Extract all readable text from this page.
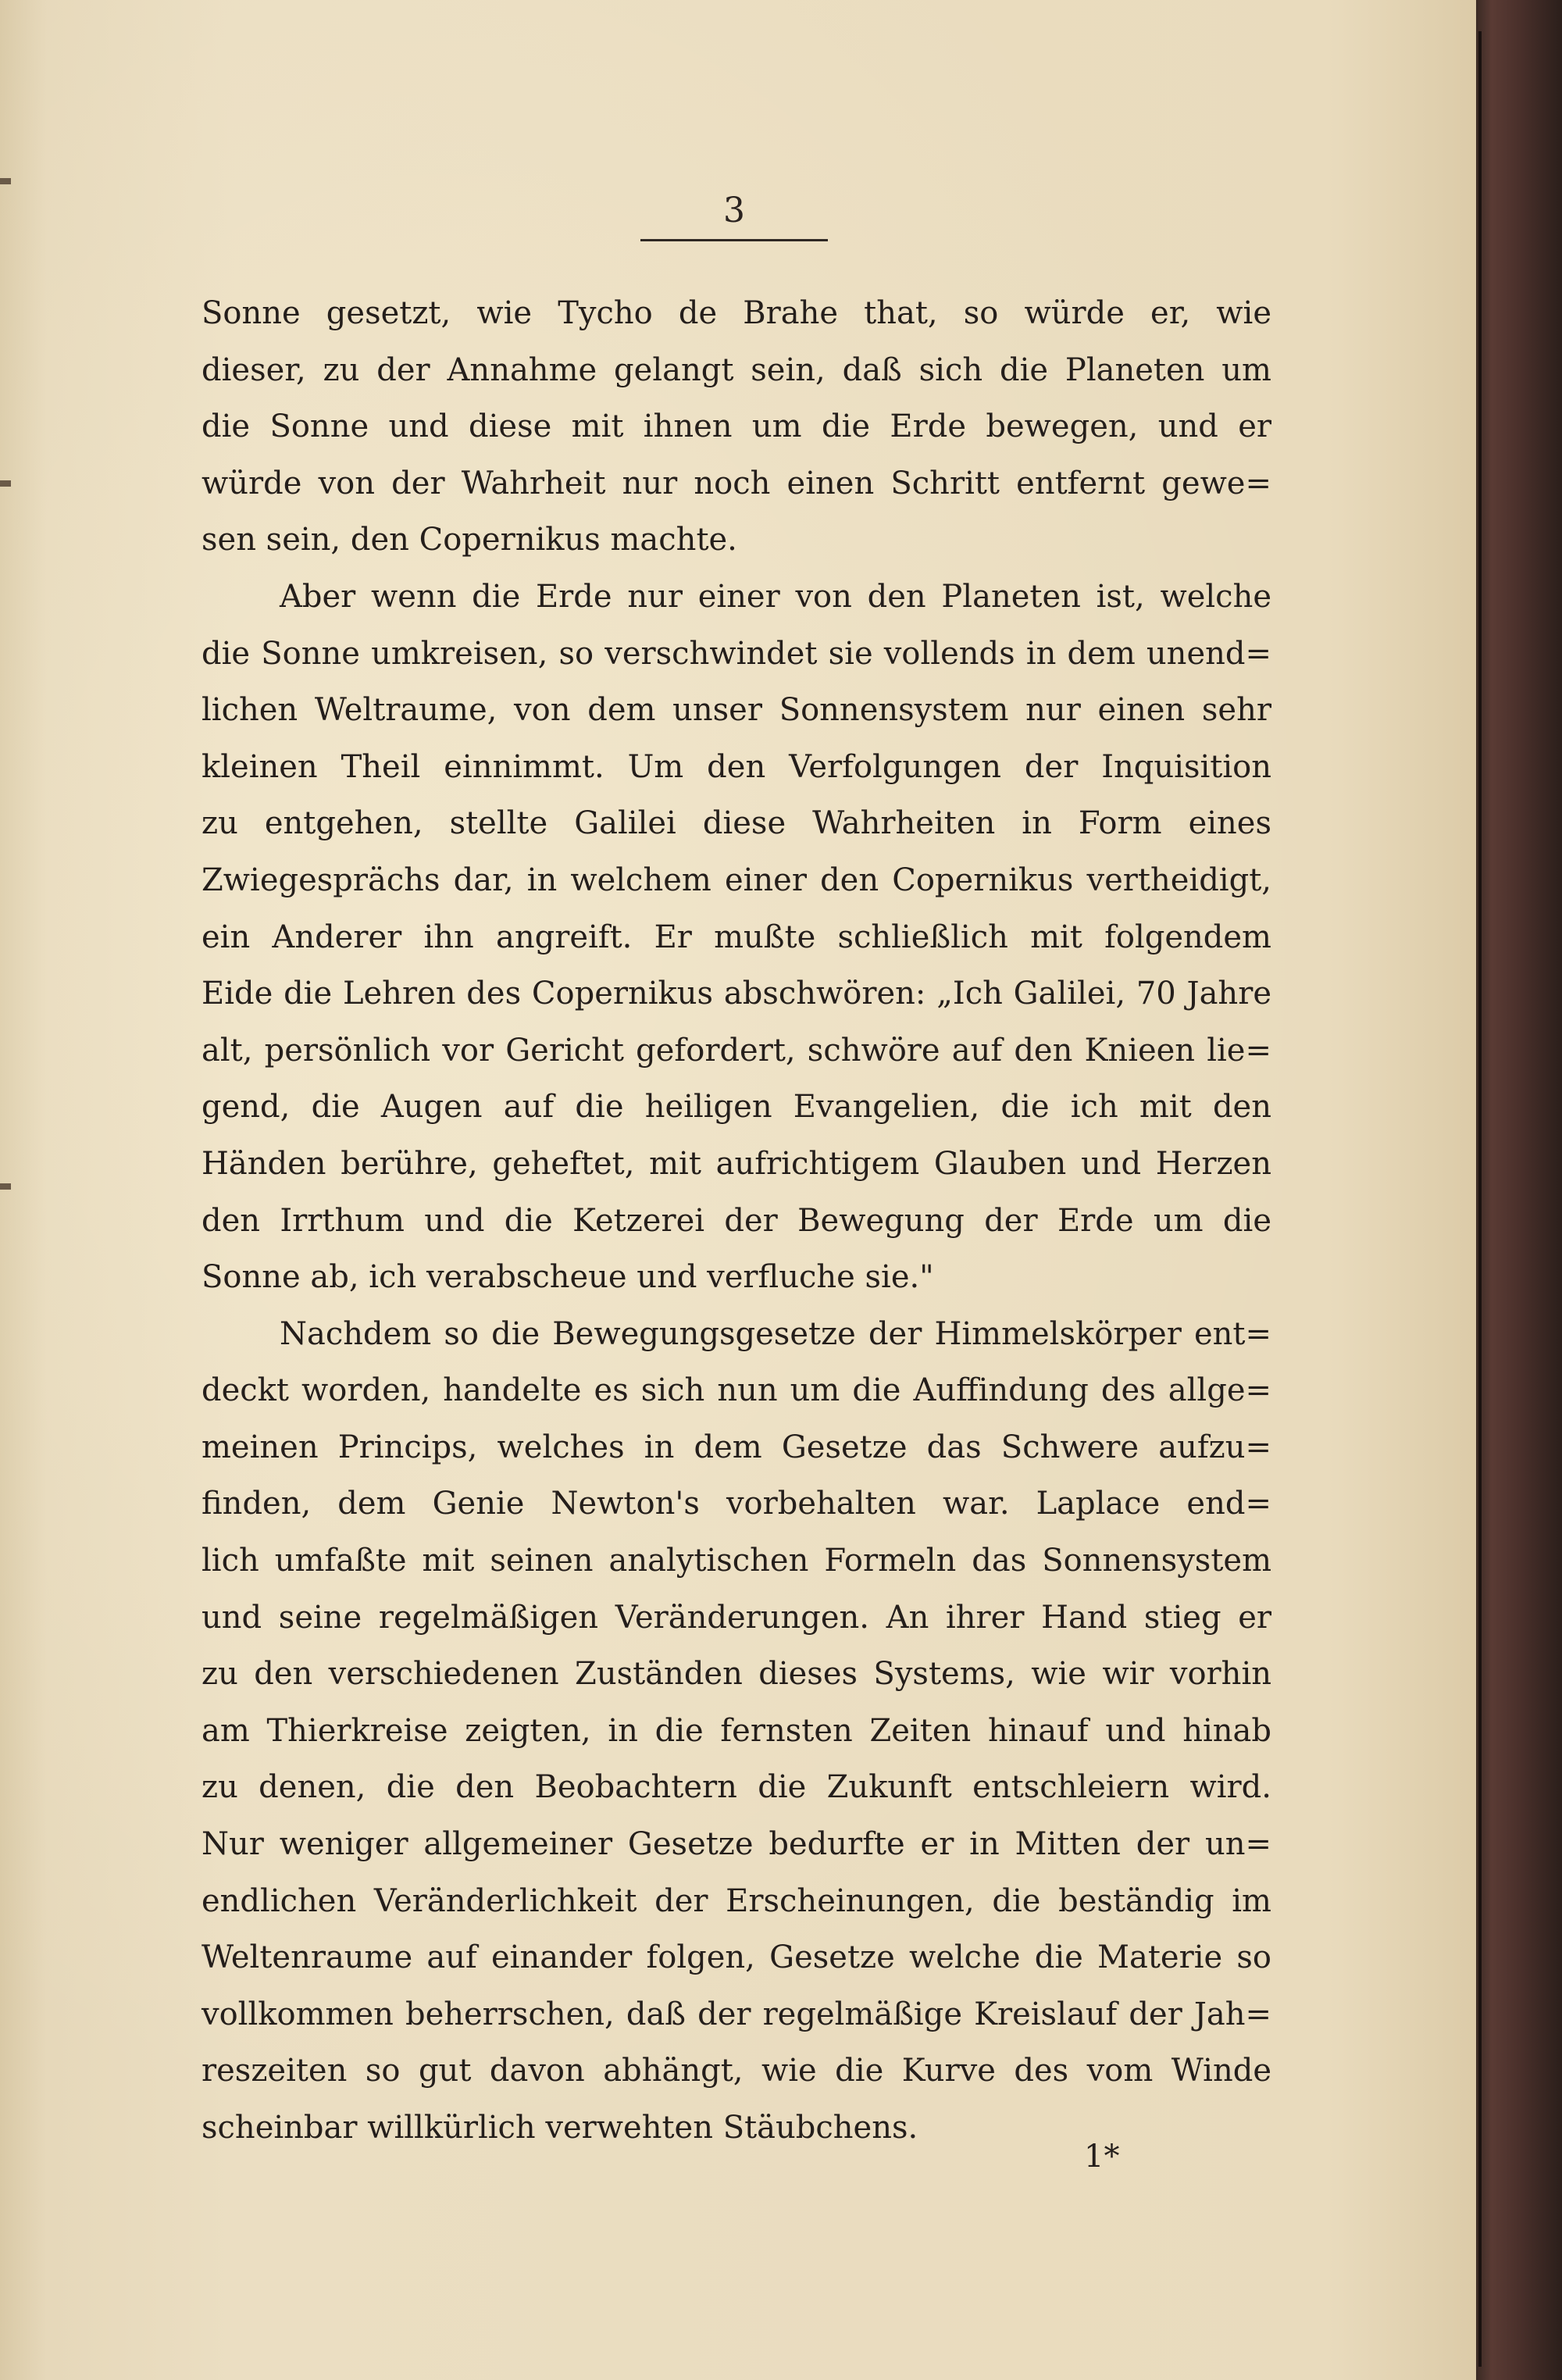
3
Sonne gesetzt, wie Tycho de Brahe that, so würde er, wie
dieser, zu der Annahme gelangt sein, daß sich die Planeten um
die Sonne und diese mit ihnen um die Erde bewegen, und er
würde von der Wahrheit nur noch einen Schritt entfernt gewe=
sen sein, den Copernikus machte.
Aber wenn die Erde nur einer von den Planeten ist, welche
die Sonne umkreisen, so verschwindet sie vollends in dem unend=
lichen Weltraume, von dem unser Sonnensystem nur einen sehr
kleinen Theil einnimmt. Um den Verfolgungen der Inquisition
zu entgehen, stellte Galilei diese Wahrheiten in Form eines
Zwiegesprächs dar, in welchem einer den Copernikus vertheidigt,
ein Anderer ihn angreift. Er mußte schließlich mit folgendem
Eide die Lehren des Copernikus abschwören: „Ich Galilei, 70 Jahre
alt, persönlich vor Gericht gefordert, schwöre auf den Knieen lie=
gend, die Augen auf die heiligen Evangelien, die ich mit den
Händen berühre, geheftet, mit aufrichtigem Glauben und Herzen
den Irrthum und die Ketzerei der Bewegung der Erde um die
Sonne ab, ich verabscheue und verfluche sie."
Nachdem so die Bewegungsgesetze der Himmelskörper ent=
deckt worden, handelte es sich nun um die Auffindung des allge=
meinen Princips, welches in dem Gesetze das Schwere aufzu=
finden, dem Genie Newton's vorbehalten war. Laplace end=
lich umfaßte mit seinen analytischen Formeln das Sonnensystem
und seine regelmäßigen Veränderungen. An ihrer Hand stieg er
zu den verschiedenen Zuständen dieses Systems, wie wir vorhin
am Thierkreise zeigten, in die fernsten Zeiten hinauf und hinab
zu denen, die den Beobachtern die Zukunft entschleiern wird.
Nur weniger allgemeiner Gesetze bedurfte er in Mitten der un=
endlichen Veränderlichkeit der Erscheinungen, die beständig im
Weltenraume auf einander folgen, Gesetze welche die Materie so
vollkommen beherrschen, daß der regelmäßige Kreislauf der Jah=
reszeiten so gut davon abhängt, wie die Kurve des vom Winde
scheinbar willkürlich verwehten Stäubchens.
1*
